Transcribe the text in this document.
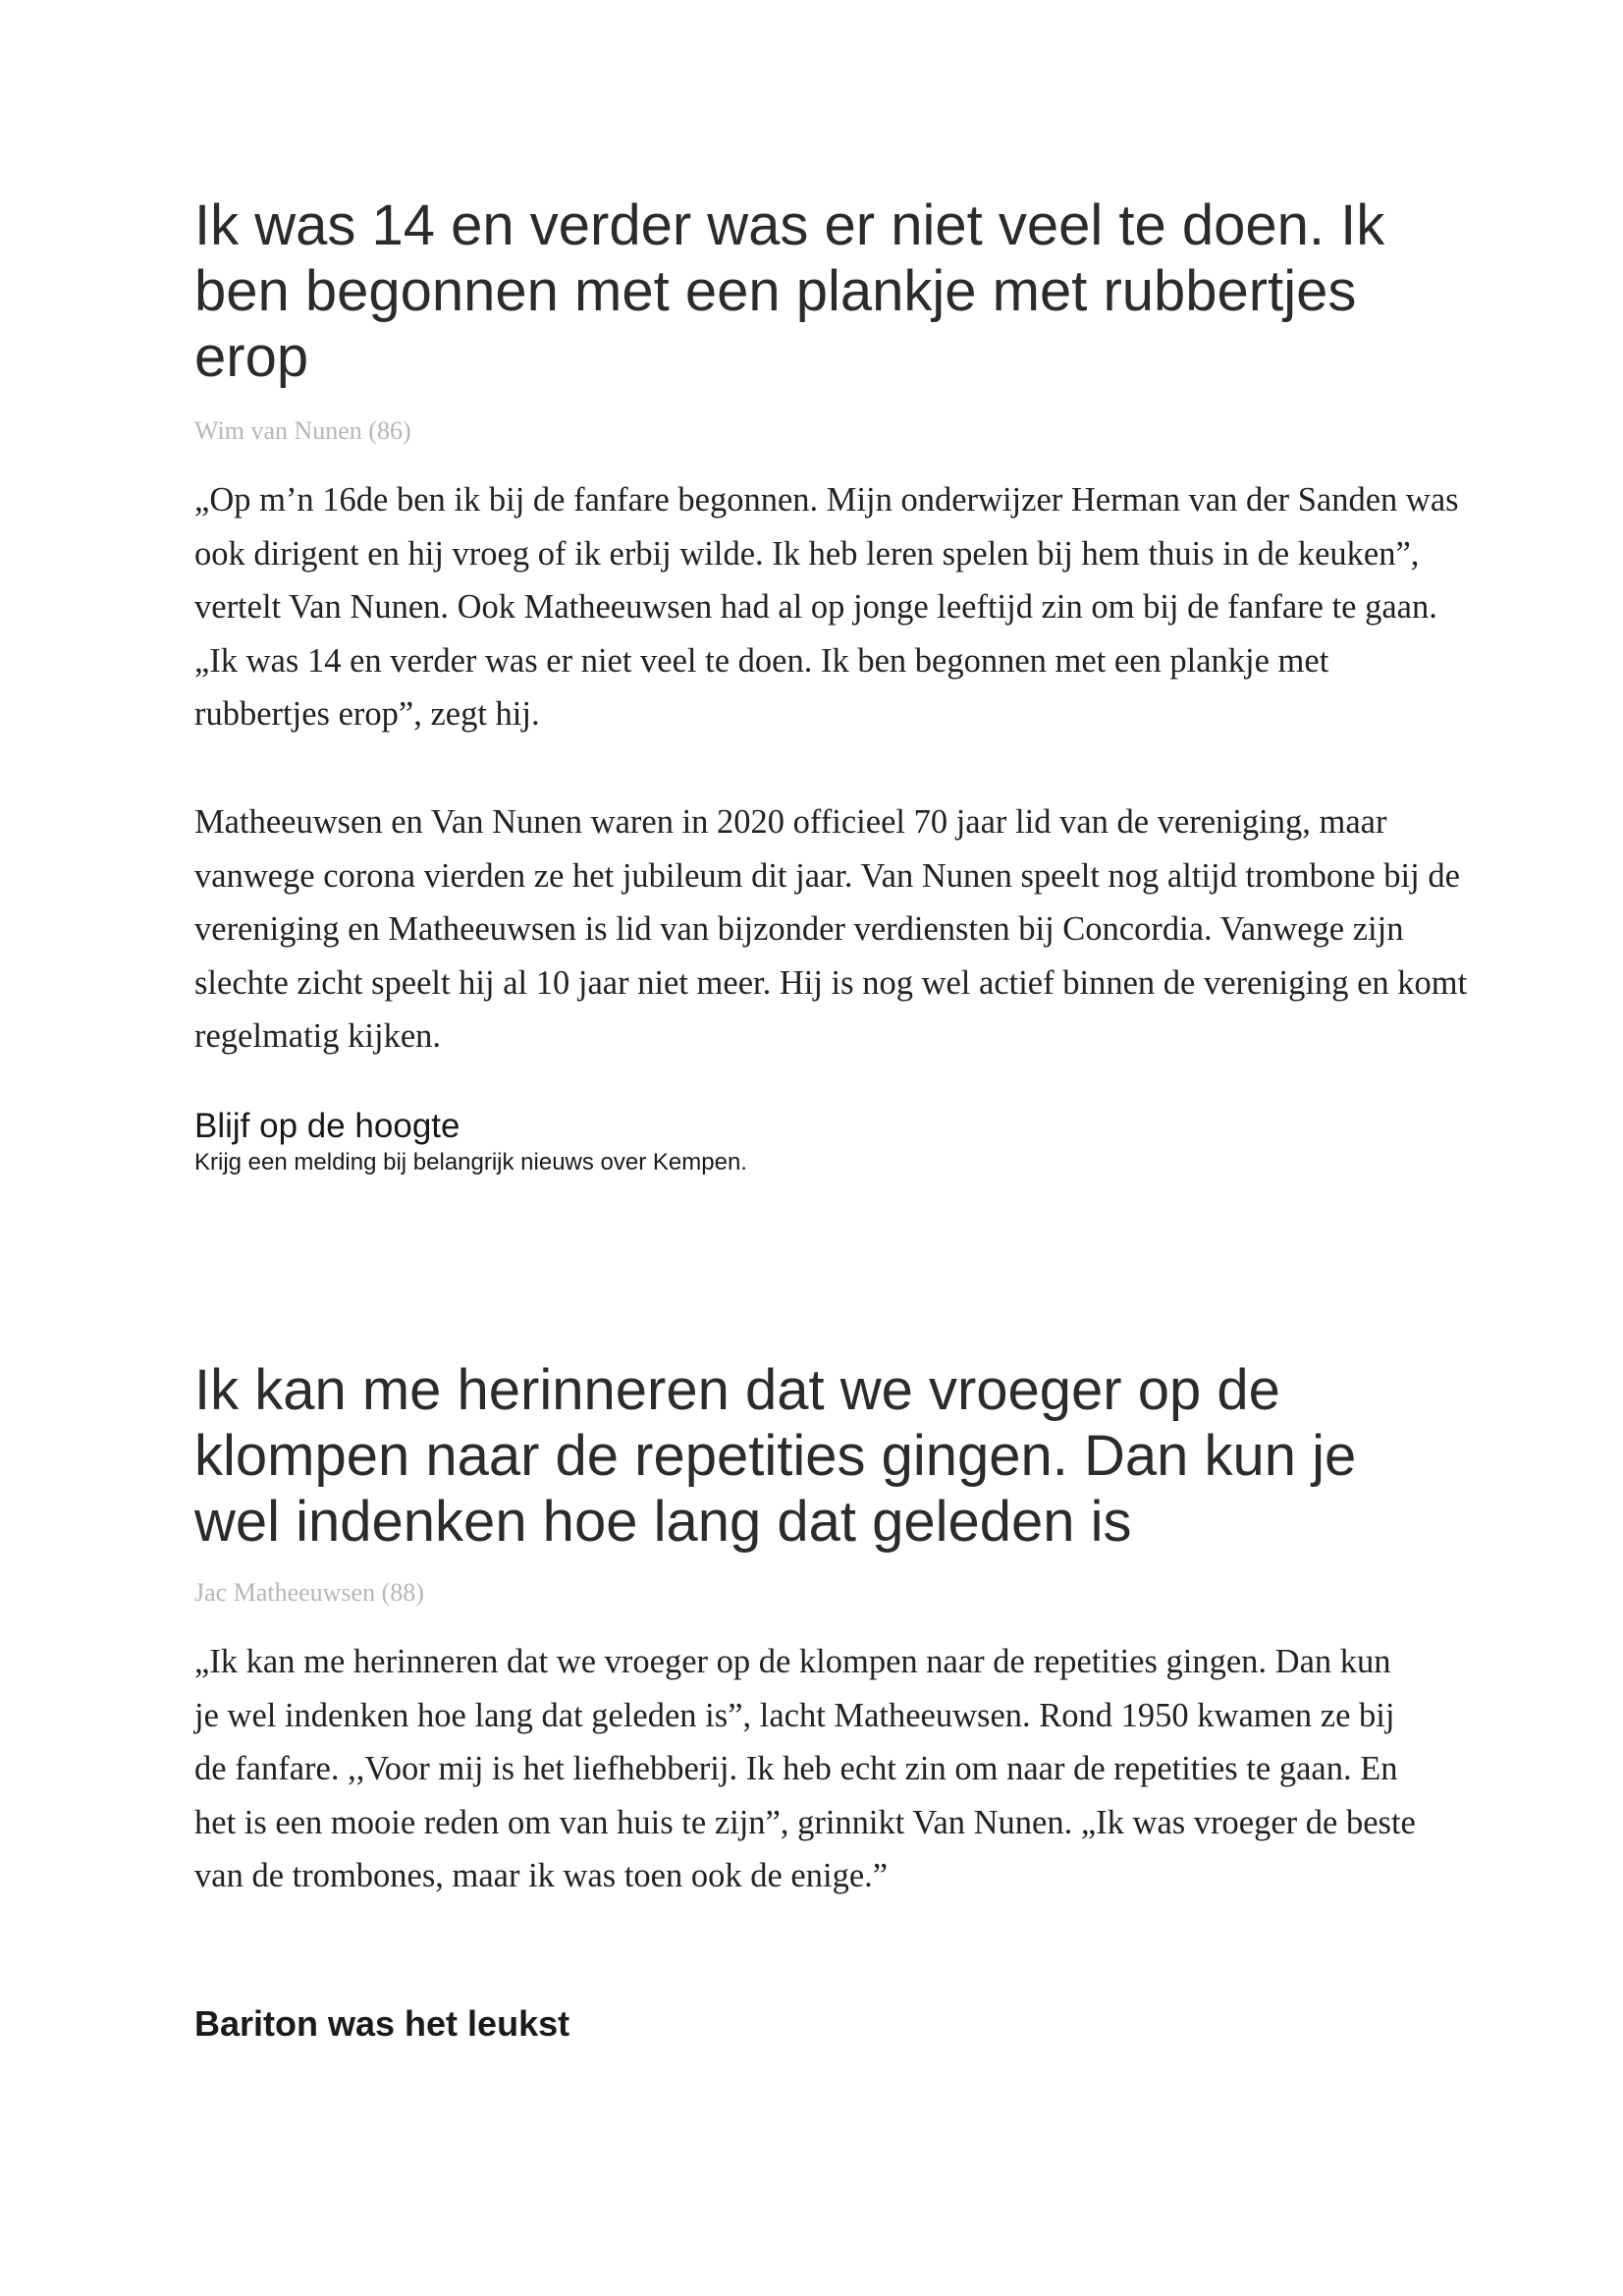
Ik was 14 en verder was er niet veel te doen. Ik ben begonnen met een plankje met rubbertjes erop
Wim van Nunen (86)

„Op m’n 16de ben ik bij de fanfare begonnen. Mijn onderwijzer Herman van der Sanden was ook dirigent en hij vroeg of ik erbij wilde. Ik heb leren spelen bij hem thuis in de keuken”, vertelt Van Nunen. Ook Matheeuwsen had al op jonge leeftijd zin om bij de fanfare te gaan. „Ik was 14 en verder was er niet veel te doen. Ik ben begonnen met een plankje met rubbertjes erop”, zegt hij.

Matheeuwsen en Van Nunen waren in 2020 officieel 70 jaar lid van de vereniging, maar vanwege corona vierden ze het jubileum dit jaar. Van Nunen speelt nog altijd trombone bij de vereniging en Matheeuwsen is lid van bijzonder verdiensten bij Concordia. Vanwege zijn slechte zicht speelt hij al 10 jaar niet meer. Hij is nog wel actief binnen de vereniging en komt regelmatig kijken.

Blijf op de hoogte

Krijg een melding bij belangrijk nieuws over Kempen.

Ik kan me herinneren dat we vroeger op de klompen naar de repetities gingen. Dan kun je wel indenken hoe lang dat geleden is
Jac Matheeuwsen (88)

„Ik kan me herinneren dat we vroeger op de klompen naar de repetities gingen. Dan kun je wel indenken hoe lang dat geleden is”, lacht Matheeuwsen. Rond 1950 kwamen ze bij de fanfare. ,,Voor mij is het liefhebberij. Ik heb echt zin om naar de repetities te gaan. En het is een mooie reden om van huis te zijn”, grinnikt Van Nunen. „Ik was vroeger de beste van de trombones, maar ik was toen ook de enige.”

Bariton was het leukst
